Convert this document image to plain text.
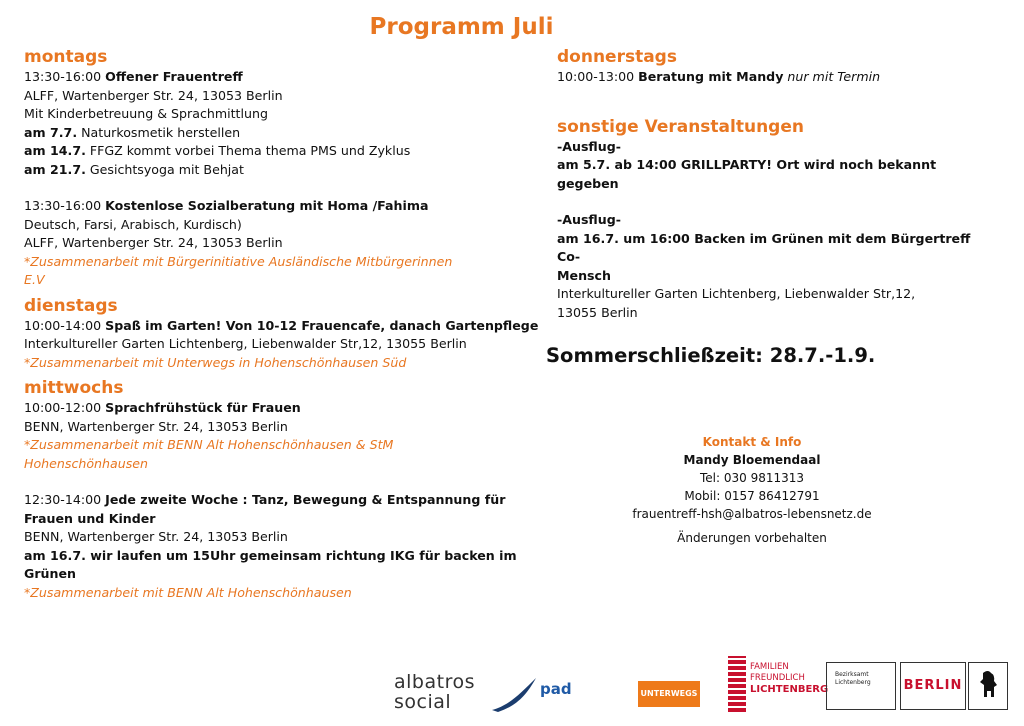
Programm Juli
montags
13:30-16:00 Offener Frauentreff
ALFF, Wartenberger Str. 24, 13053 Berlin
Mit Kinderbetreuung & Sprachmittlung
am 7.7. Naturkosmetik herstellen
am 14.7. FFGZ kommt vorbei Thema thema PMS und Zyklus
am 21.7. Gesichtsyoga mit Behjat
13:30-16:00 Kostenlose Sozialberatung mit Homa /Fahima
Deutsch, Farsi, Arabisch, Kurdisch)
ALFF, Wartenberger Str. 24, 13053 Berlin
*Zusammenarbeit mit Bürgerinitiative Ausländische Mitbürgerinnen
E.V
dienstags
10:00-14:00 Spaß im Garten! Von 10-12 Frauencafe, danach Gartenpflege
Interkultureller Garten Lichtenberg, Liebenwalder Str,12, 13055 Berlin
*Zusammenarbeit mit Unterwegs in Hohenschönhausen Süd
mittwochs
10:00-12:00 Sprachfrühstück für Frauen
BENN, Wartenberger Str. 24, 13053 Berlin
*Zusammenarbeit mit BENN Alt Hohenschönhausen & StM
Hohenschönhausen
12:30-14:00 Jede zweite Woche : Tanz, Bewegung & Entspannung für
Frauen und Kinder
BENN, Wartenberger Str. 24, 13053 Berlin
am 16.7. wir laufen um 15Uhr gemeinsam richtung IKG für backen im
Grünen
*Zusammenarbeit mit BENN Alt Hohenschönhausen
donnerstags
10:00-13:00 Beratung mit Mandy nur mit Termin
sonstige Veranstaltungen
-Ausflug-
am 5.7. ab 14:00 GRILLPARTY! Ort wird noch bekannt
gegeben
-Ausflug-
am 16.7. um 16:00 Backen im Grünen mit dem Bürgertreff Co-
Mensch
Interkultureller Garten Lichtenberg, Liebenwalder Str,12,
13055 Berlin
Sommerschließzeit: 28.7.-1.9.
Kontakt & Info
Mandy Bloemendaal
Tel: 030 9811313
Mobil: 0157 86412791
frauentreff-hsh@albatros-lebensnetz.de
Änderungen vorbehalten
albatros
social
pad	UNTERWEGS
FAMILIEN
FREUNDLICH
LICHTENBERG
Bezirksamt
Lichtenberg	BERLIN
